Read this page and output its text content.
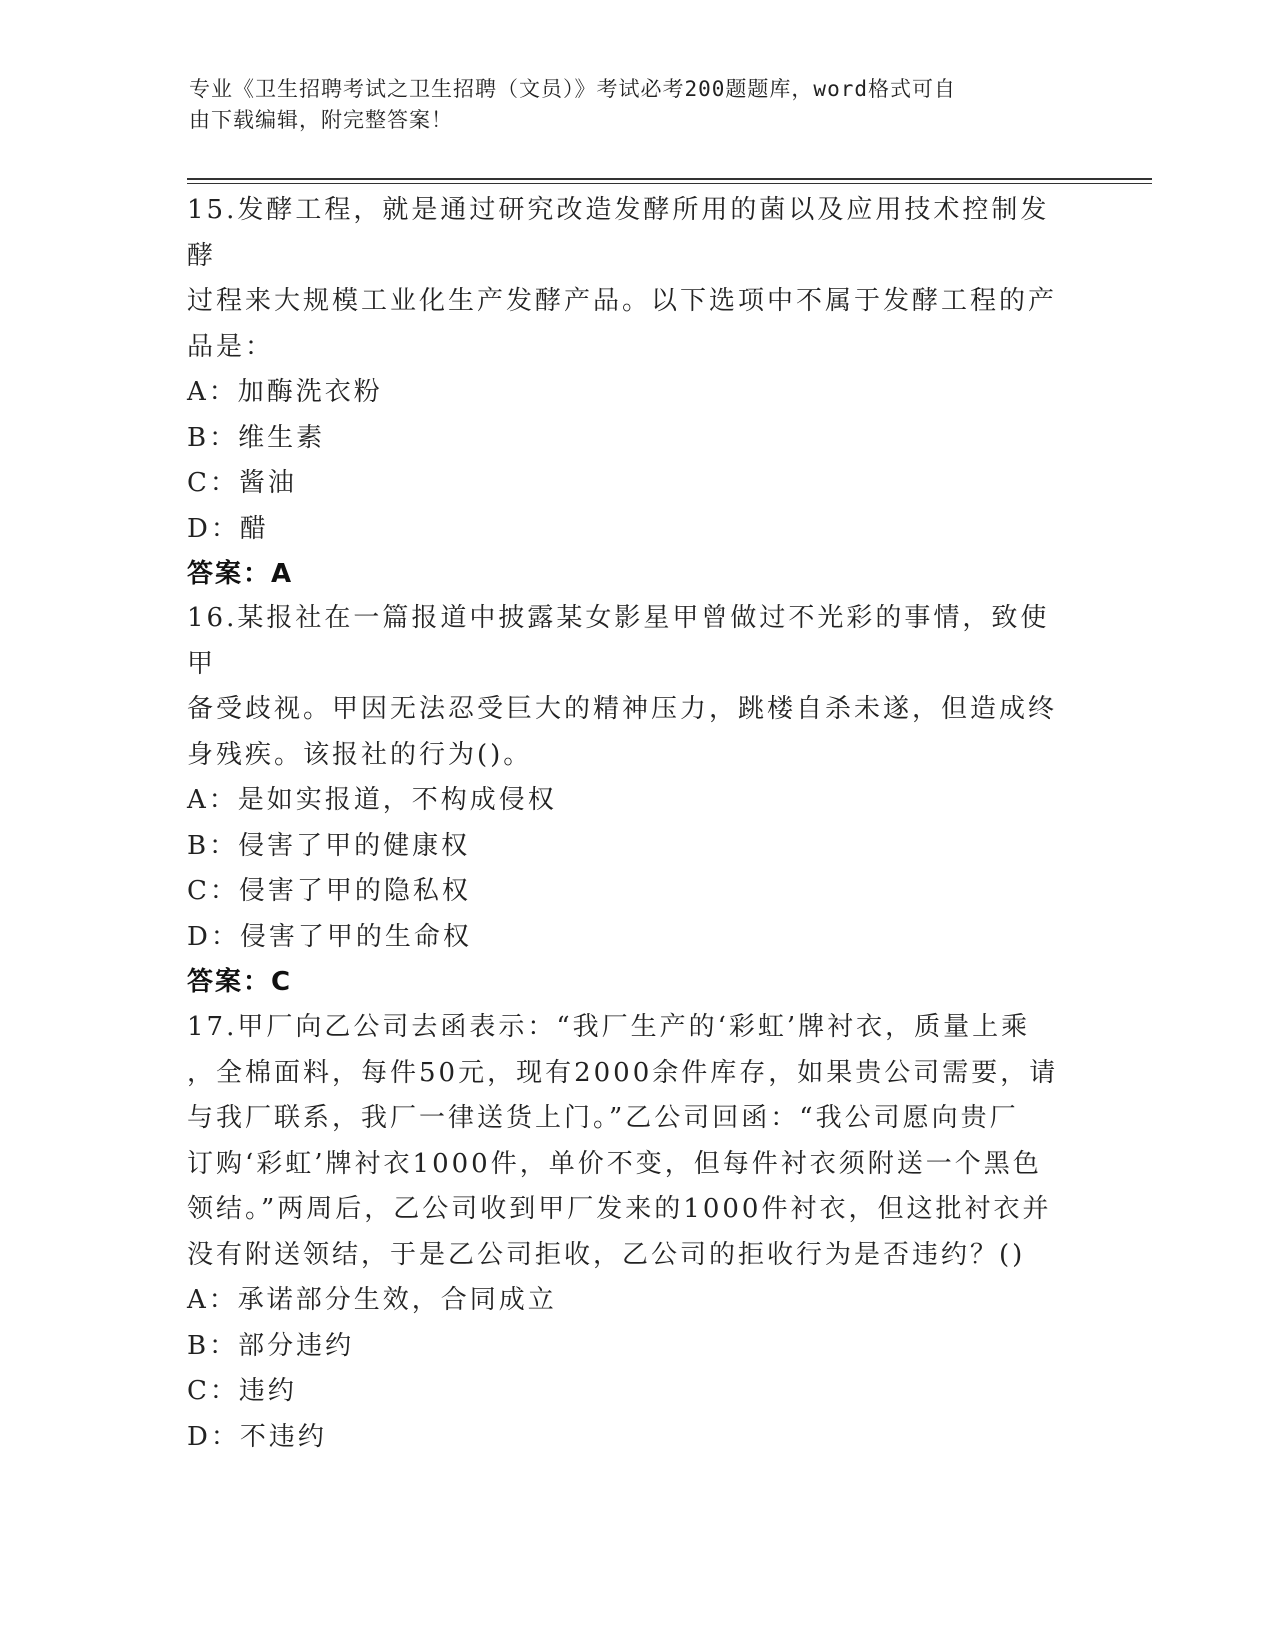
专业《卫生招聘考试之卫生招聘（文员）》考试必考200题题库，word格式可自
由下载编辑，附完整答案！
15.发酵工程，就是通过研究改造发酵所用的菌以及应用技术控制发酵
过程来大规模工业化生产发酵产品。以下选项中不属于发酵工程的产
品是：
A：加酶洗衣粉
B：维生素
C：酱油
D：醋
答案：A
16.某报社在一篇报道中披露某女影星甲曾做过不光彩的事情，致使甲
备受歧视。甲因无法忍受巨大的精神压力，跳楼自杀未遂，但造成终
身残疾。该报社的行为()。
A：是如实报道，不构成侵权
B：侵害了甲的健康权
C：侵害了甲的隐私权
D：侵害了甲的生命权
答案：C
17.甲厂向乙公司去函表示：“我厂生产的‘彩虹’牌衬衣，质量上乘
，全棉面料，每件50元，现有2000余件库存，如果贵公司需要，请
与我厂联系，我厂一律送货上门。”乙公司回函：“我公司愿向贵厂
订购‘彩虹’牌衬衣1000件，单价不变，但每件衬衣须附送一个黑色
领结。”两周后，乙公司收到甲厂发来的1000件衬衣，但这批衬衣并
没有附送领结，于是乙公司拒收，乙公司的拒收行为是否违约？()
A：承诺部分生效，合同成立
B：部分违约
C：违约
D：不违约
